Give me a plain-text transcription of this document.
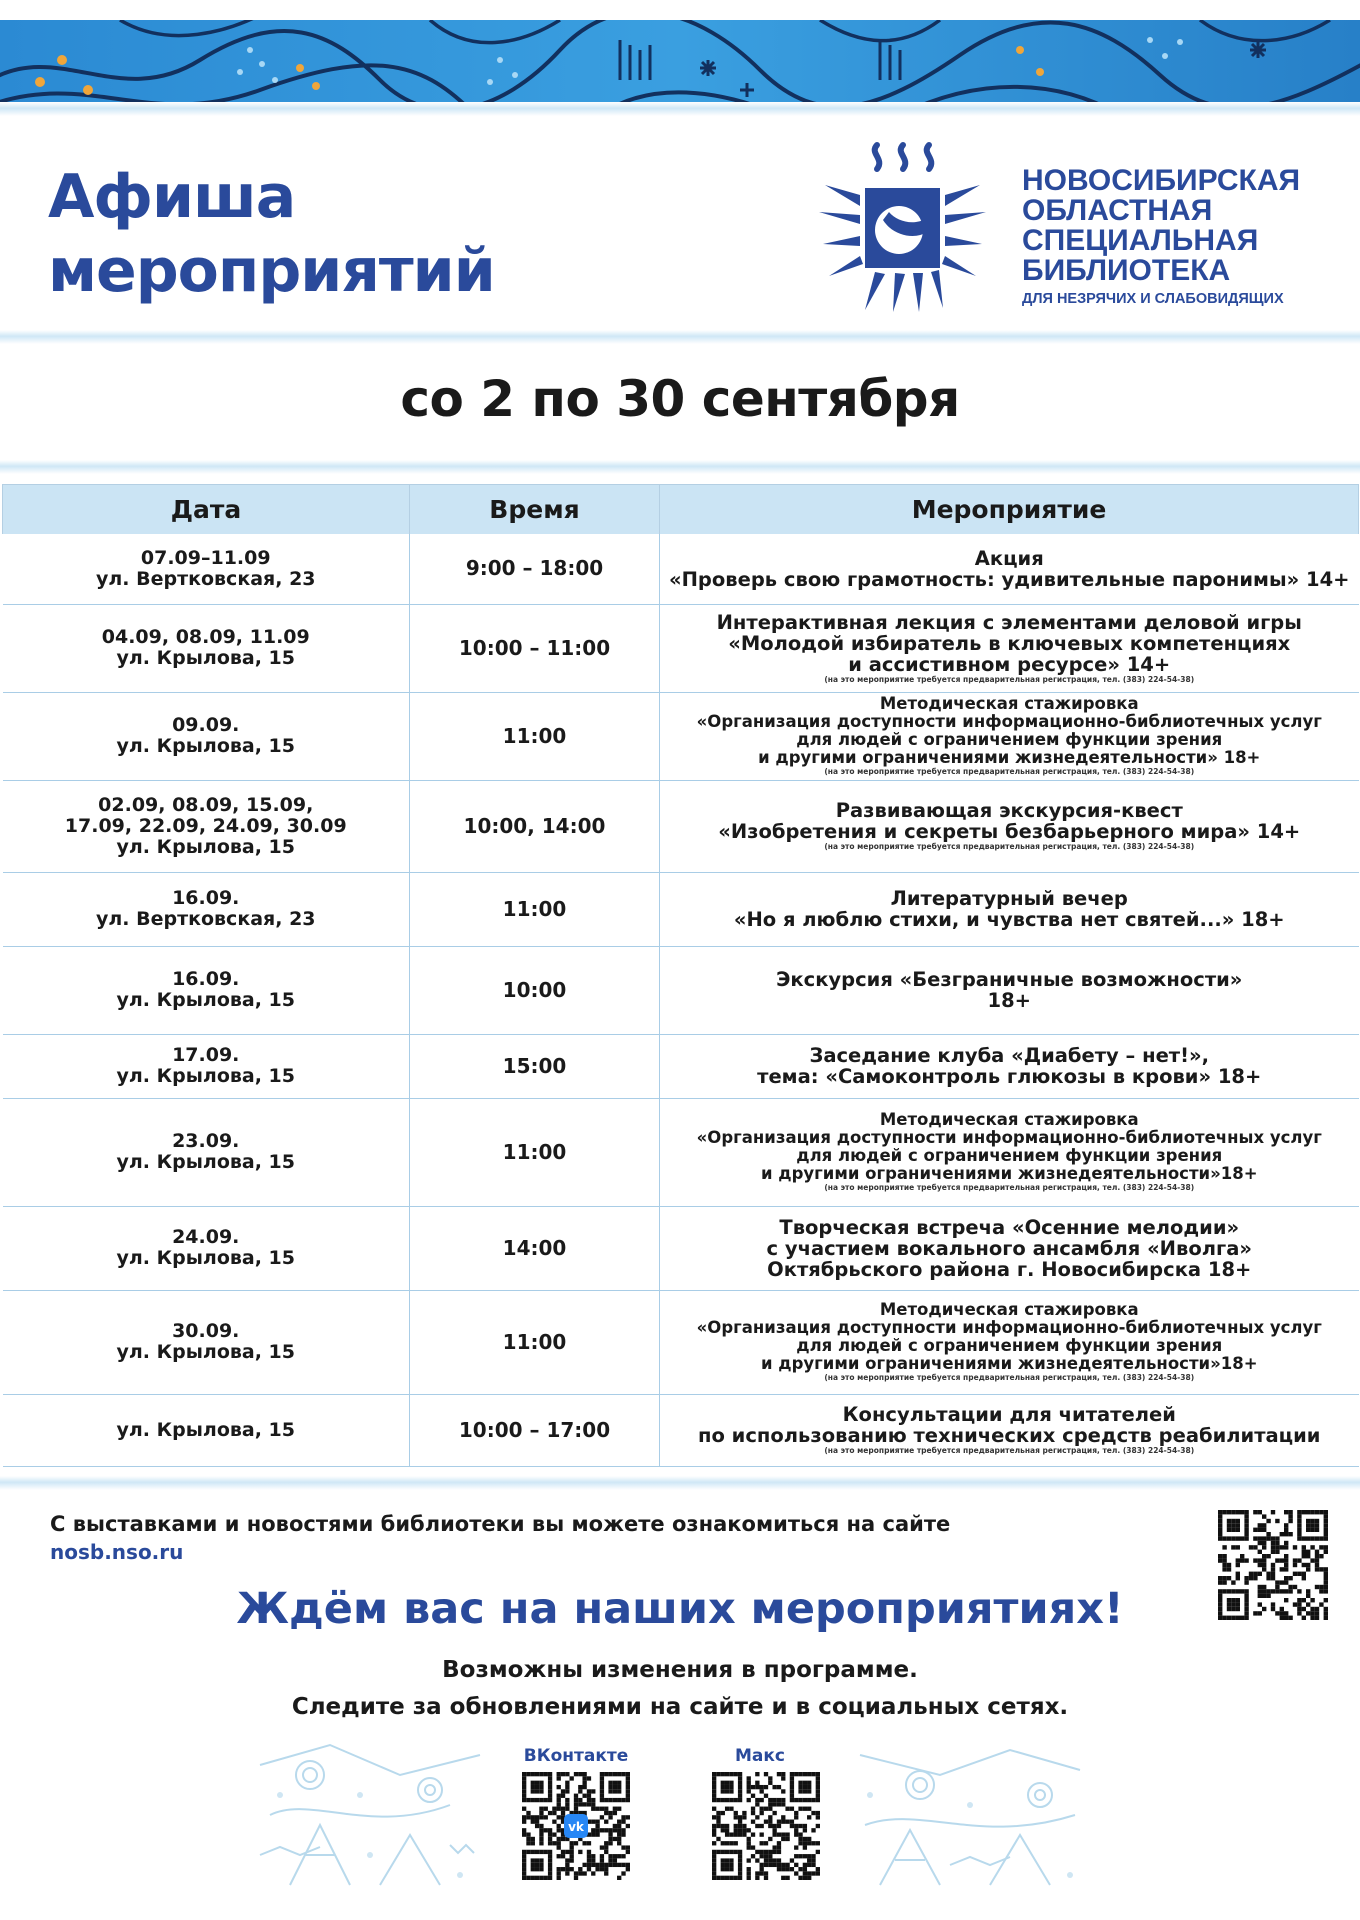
Афиша
мероприятий

НОВОСИБИРСКАЯ
ОБЛАСТНАЯ
СПЕЦИАЛЬНАЯ
БИБЛИОТЕКА
ДЛЯ НЕЗРЯЧИХ И СЛАБОВИДЯЩИХ

со 2 по 30 сентября

Дата	Время	Мероприятие

07.09–11.09
ул. Вертковская, 23	9:00 – 18:00	Акция
«Проверь свою грамотность: удивительные паронимы» 14+

04.09, 08.09, 11.09
ул. Крылова, 15	10:00 – 11:00	Интерактивная лекция с элементами деловой игры
«Молодой избиратель в ключевых компетенциях
и ассистивном ресурсе» 14+
(на это мероприятие требуется предварительная регистрация, тел. (383) 224-54-38)

09.09.
ул. Крылова, 15	11:00	Методическая стажировка
«Организация доступности информационно-библиотечных услуг
для людей с ограничением функции зрения
и другими ограничениями жизнедеятельности» 18+
(на это мероприятие требуется предварительная регистрация, тел. (383) 224-54-38)

02.09, 08.09, 15.09,
17.09, 22.09, 24.09, 30.09
ул. Крылова, 15	10:00, 14:00	Развивающая экскурсия-квест
«Изобретения и секреты безбарьерного мира» 14+
(на это мероприятие требуется предварительная регистрация, тел. (383) 224-54-38)

16.09.
ул. Вертковская, 23	11:00	Литературный вечер
«Но я люблю стихи, и чувства нет святей...» 18+

16.09.
ул. Крылова, 15	10:00	Экскурсия «Безграничные возможности»
18+

17.09.
ул. Крылова, 15	15:00	Заседание клуба «Диабету – нет!»,
тема: «Самоконтроль глюкозы в крови» 18+

23.09.
ул. Крылова, 15	11:00	Методическая стажировка
«Организация доступности информационно-библиотечных услуг
для людей с ограничением функции зрения
и другими ограничениями жизнедеятельности»18+
(на это мероприятие требуется предварительная регистрация, тел. (383) 224-54-38)

24.09.
ул. Крылова, 15	14:00	Творческая встреча «Осенние мелодии»
с участием вокального ансамбля «Иволга»
Октябрьского района г. Новосибирска 18+

30.09.
ул. Крылова, 15	11:00	Методическая стажировка
«Организация доступности информационно-библиотечных услуг
для людей с ограничением функции зрения
и другими ограничениями жизнедеятельности»18+
(на это мероприятие требуется предварительная регистрация, тел. (383) 224-54-38)

ул. Крылова, 15	10:00 – 17:00	Консультации для читателей
по использованию технических средств реабилитации
(на это мероприятие требуется предварительная регистрация, тел. (383) 224-54-38)

С выставками и новостями библиотеки вы можете ознакомиться на сайте

nosb.nso.ru

Ждём вас на наших мероприятиях!

Возможны изменения в программе.
Следите за обновлениями на сайте и в социальных сетях.

ВКонтакте
vk
Макс
